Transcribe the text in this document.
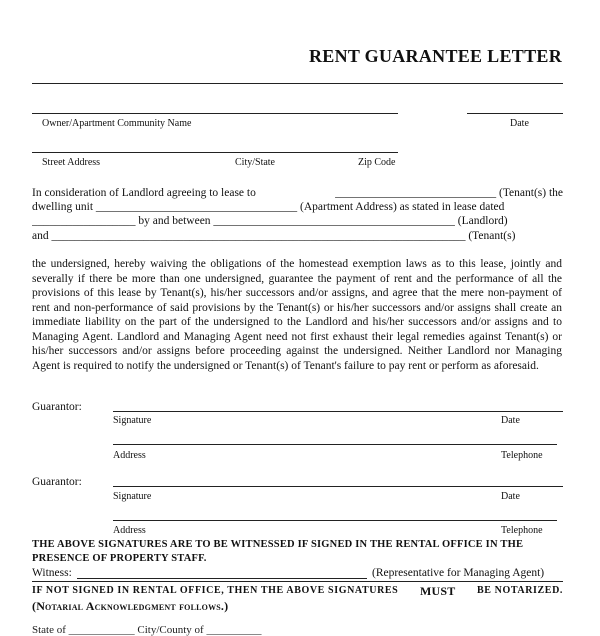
RENT GUARANTEE LETTER
Owner/Apartment Community Name	Date
Street Address	City/State	Zip Code
In consideration of Landlord agreeing to lease to	____________________________ (Tenant(s) the
dwelling unit ___________________________________ (Apartment Address) as stated in lease dated
__________________ by and between __________________________________________ (Landlord)
and ________________________________________________________________________ (Tenant(s)
the undersigned, hereby waiving the obligations of the homestead exemption laws as to this lease, jointly and severally if there be more than one undersigned, guarantee the payment of rent and the performance of all the provisions of this lease by Tenant(s), his/her successors and/or assigns, and agree that the mere non-payment of rent and non-performance of said provisions by the Tenant(s) or his/her successors and/or assigns shall create an immediate liability on the part of the undersigned to the Landlord and his/her successors and/or assigns and to Managing Agent. Landlord and Managing Agent need not first exhaust their legal remedies against Tenant(s) or his/her successors and/or assigns before proceeding against the undersigned. Neither Landlord nor Managing Agent is required to notify the undersigned or Tenant(s) of Tenant's failure to pay rent or perform as aforesaid.
Guarantor:
Signature	Date
Address	Telephone
Guarantor:
Signature	Date
Address	Telephone
THE ABOVE SIGNATURES ARE TO BE WITNESSED IF SIGNED IN THE RENTAL OFFICE IN THE PRESENCE OF PROPERTY STAFF.
Witness:	(Representative for Managing Agent)
IF NOT SIGNED IN RENTAL OFFICE, THEN THE ABOVE SIGNATURES MUST BE NOTARIZED.
(Notarial Acknowledgment follows.)
State of ____________ City/County of __________
